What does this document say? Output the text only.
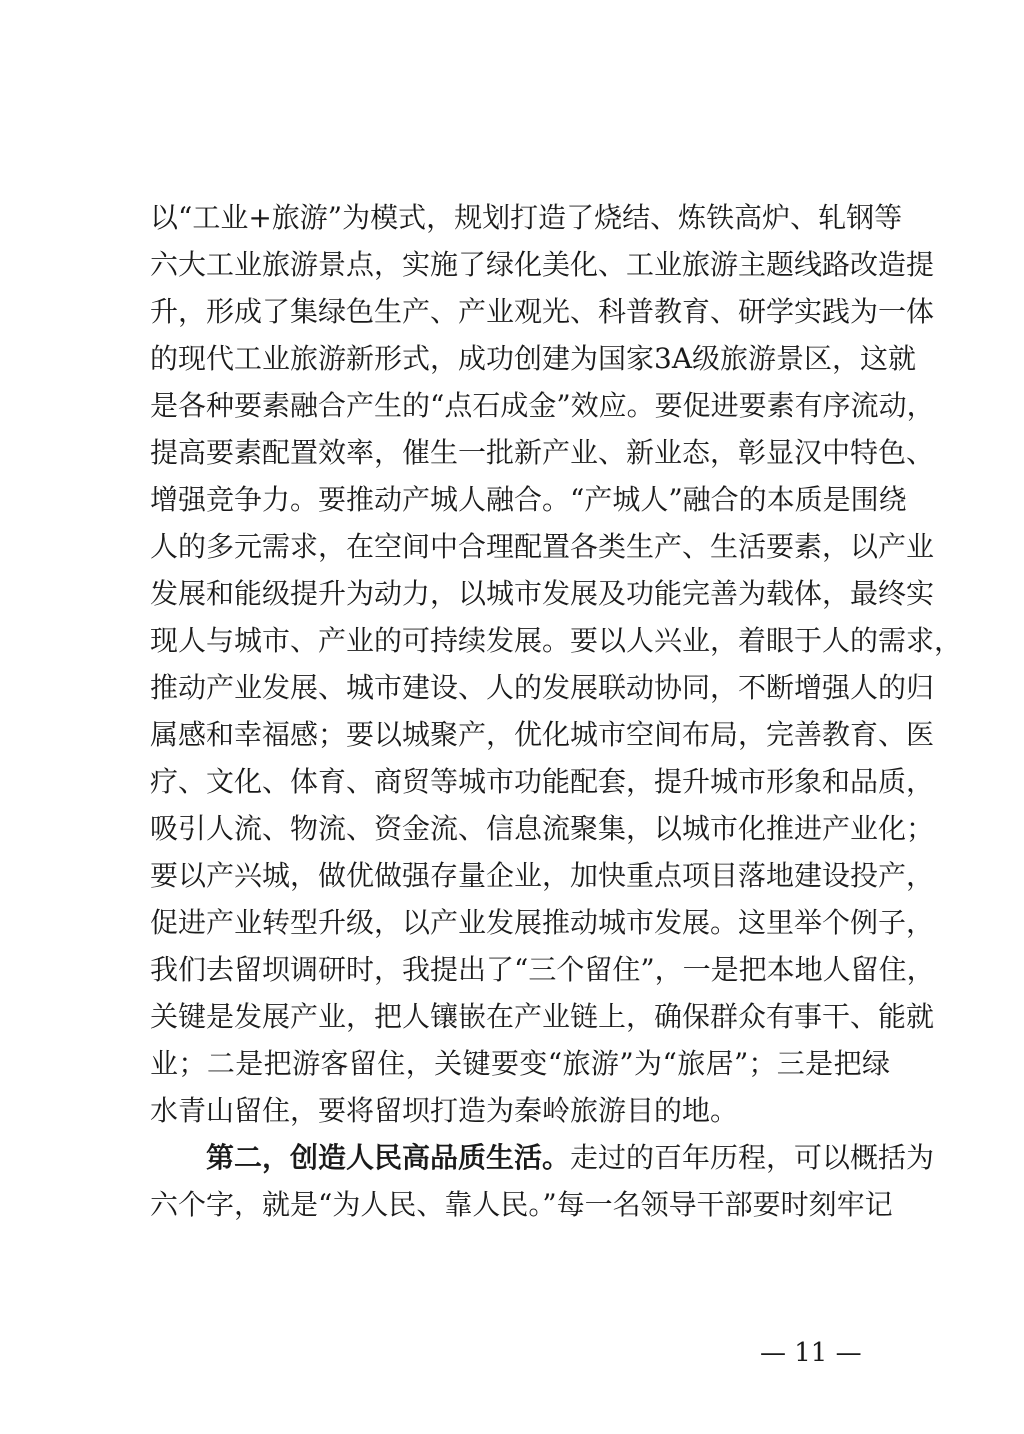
以“工业+旅游”为模式，规划打造了烧结、炼铁高炉、轧钢等
六大工业旅游景点，实施了绿化美化、工业旅游主题线路改造提
升，形成了集绿色生产、产业观光、科普教育、研学实践为一体
的现代工业旅游新形式，成功创建为国家3A级旅游景区，这就
是各种要素融合产生的“点石成金”效应。要促进要素有序流动，
提高要素配置效率，催生一批新产业、新业态，彰显汉中特色、
增强竞争力。要推动产城人融合。“产城人”融合的本质是围绕
人的多元需求，在空间中合理配置各类生产、生活要素，以产业
发展和能级提升为动力，以城市发展及功能完善为载体，最终实
现人与城市、产业的可持续发展。要以人兴业，着眼于人的需求，
推动产业发展、城市建设、人的发展联动协同，不断增强人的归
属感和幸福感；要以城聚产，优化城市空间布局，完善教育、医
疗、文化、体育、商贸等城市功能配套，提升城市形象和品质，
吸引人流、物流、资金流、信息流聚集，以城市化推进产业化；
要以产兴城，做优做强存量企业，加快重点项目落地建设投产，
促进产业转型升级，以产业发展推动城市发展。这里举个例子，
我们去留坝调研时，我提出了“三个留住”，一是把本地人留住，
关键是发展产业，把人镶嵌在产业链上，确保群众有事干、能就
业；二是把游客留住，关键要变“旅游”为“旅居”；三是把绿
水青山留住，要将留坝打造为秦岭旅游目的地。
第二，创造人民高品质生活。走过的百年历程，可以概括为
六个字，就是“为人民、靠人民。”每一名领导干部要时刻牢记
— 11 —
